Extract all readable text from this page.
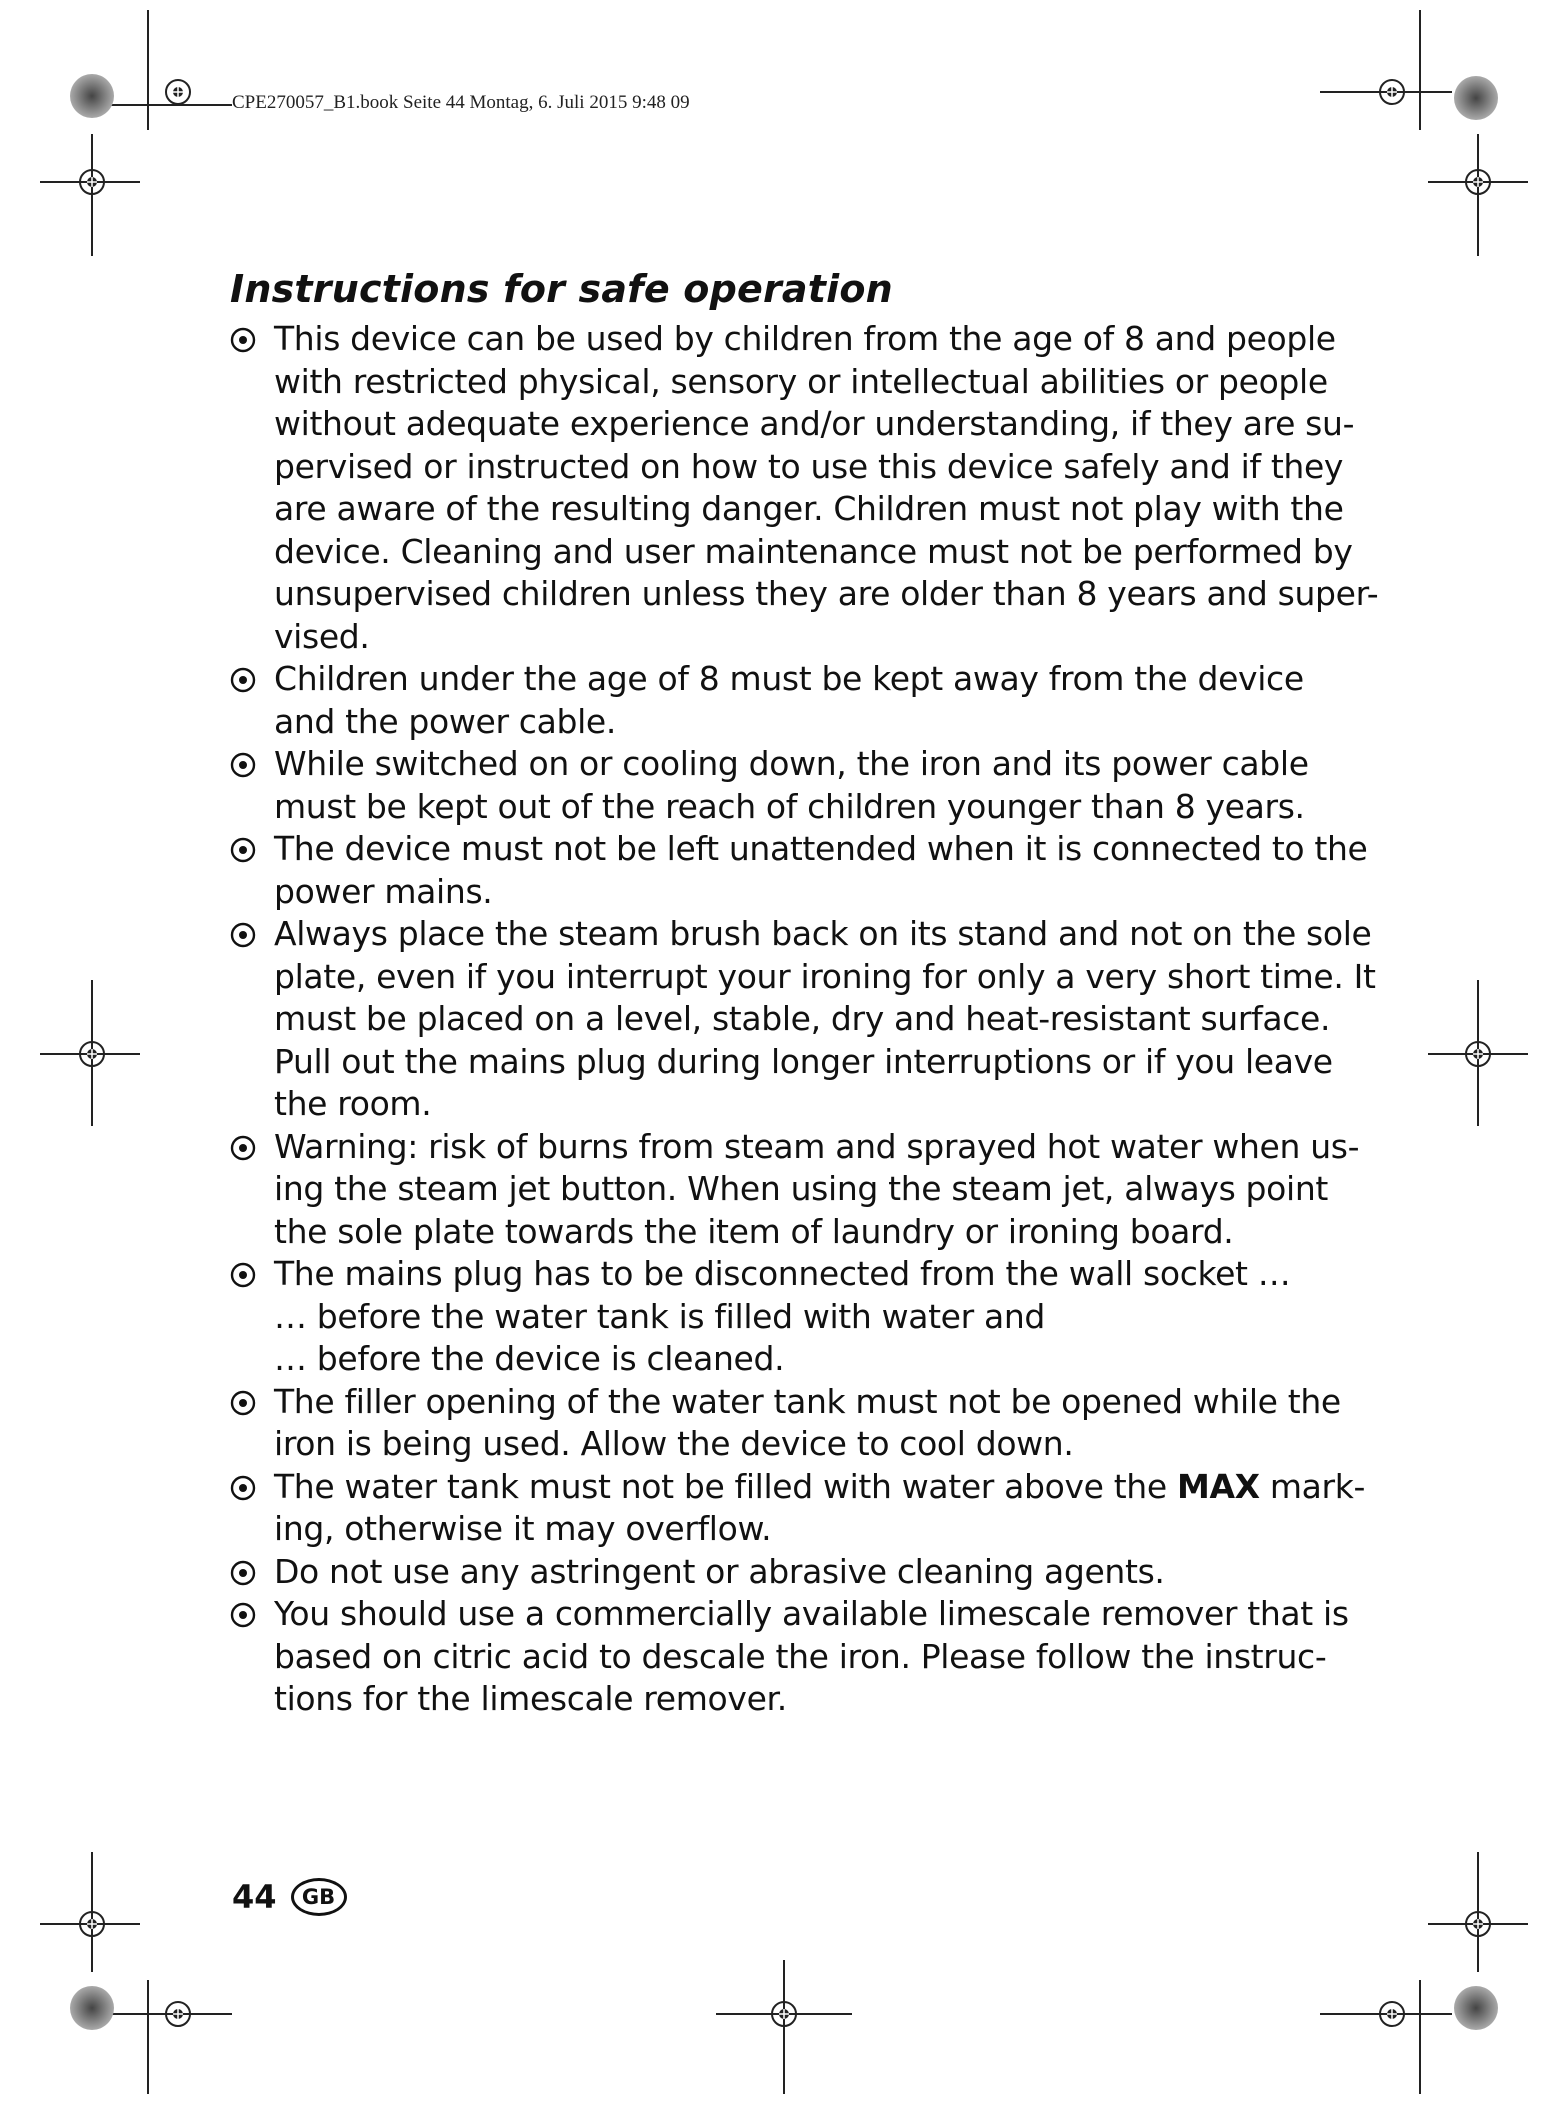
CPE270057_B1.book Seite 44 Montag, 6. Juli 2015 9:48 09
Instructions for safe operation
This device can be used by children from the age of 8 and people
with restricted physical, sensory or intellectual abilities or people
without adequate experience and/or understanding, if they are su-
pervised or instructed on how to use this device safely and if they
are aware of the resulting danger. Children must not play with the
device. Cleaning and user maintenance must not be performed by
unsupervised children unless they are older than 8 years and super-
vised.
Children under the age of 8 must be kept away from the device
and the power cable.
While switched on or cooling down, the iron and its power cable
must be kept out of the reach of children younger than 8 years.
The device must not be left unattended when it is connected to the
power mains.
Always place the steam brush back on its stand and not on the sole
plate, even if you interrupt your ironing for only a very short time. It
must be placed on a level, stable, dry and heat-resistant surface.
Pull out the mains plug during longer interruptions or if you leave
the room.
Warning: risk of burns from steam and sprayed hot water when us-
ing the steam jet button. When using the steam jet, always point
the sole plate towards the item of laundry or ironing board.
The mains plug has to be disconnected from the wall socket …
… before the water tank is filled with water and
… before the device is cleaned.
The filler opening of the water tank must not be opened while the
iron is being used. Allow the device to cool down.
The water tank must not be filled with water above the MAX mark-
ing, otherwise it may overflow.
Do not use any astringent or abrasive cleaning agents.
You should use a commercially available limescale remover that is
based on citric acid to descale the iron. Please follow the instruc-
tions for the limescale remover.
44	GB
